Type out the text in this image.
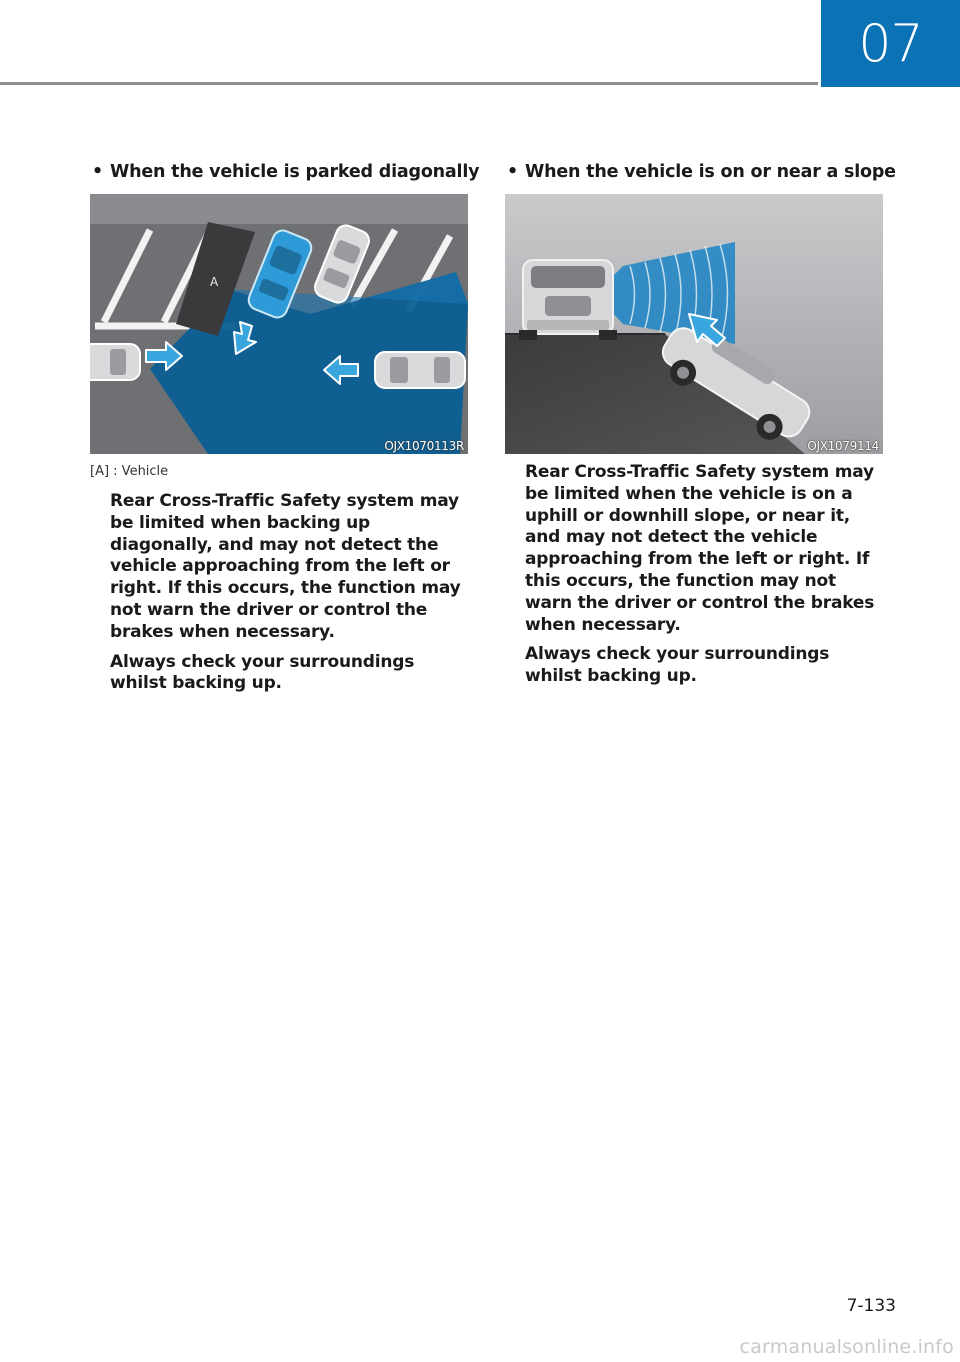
07
• When the vehicle is parked diagonally
A
OJX1070113R
[A] : Vehicle

Rear Cross-Traffic Safety system may be limited when backing up diagonally, and may not detect the vehicle approaching from the left or right. If this occurs, the function may not warn the driver or control the brakes when necessary.

Always check your surroundings whilst backing up.

• When the vehicle is on or near a slope
OJX1079114

Rear Cross-Traffic Safety system may be limited when the vehicle is on a uphill or downhill slope, or near it, and may not detect the vehicle approaching from the left or right. If this occurs, the function may not warn the driver or control the brakes when necessary.

Always check your surroundings whilst backing up.

7-133
carmanualsonline.info
